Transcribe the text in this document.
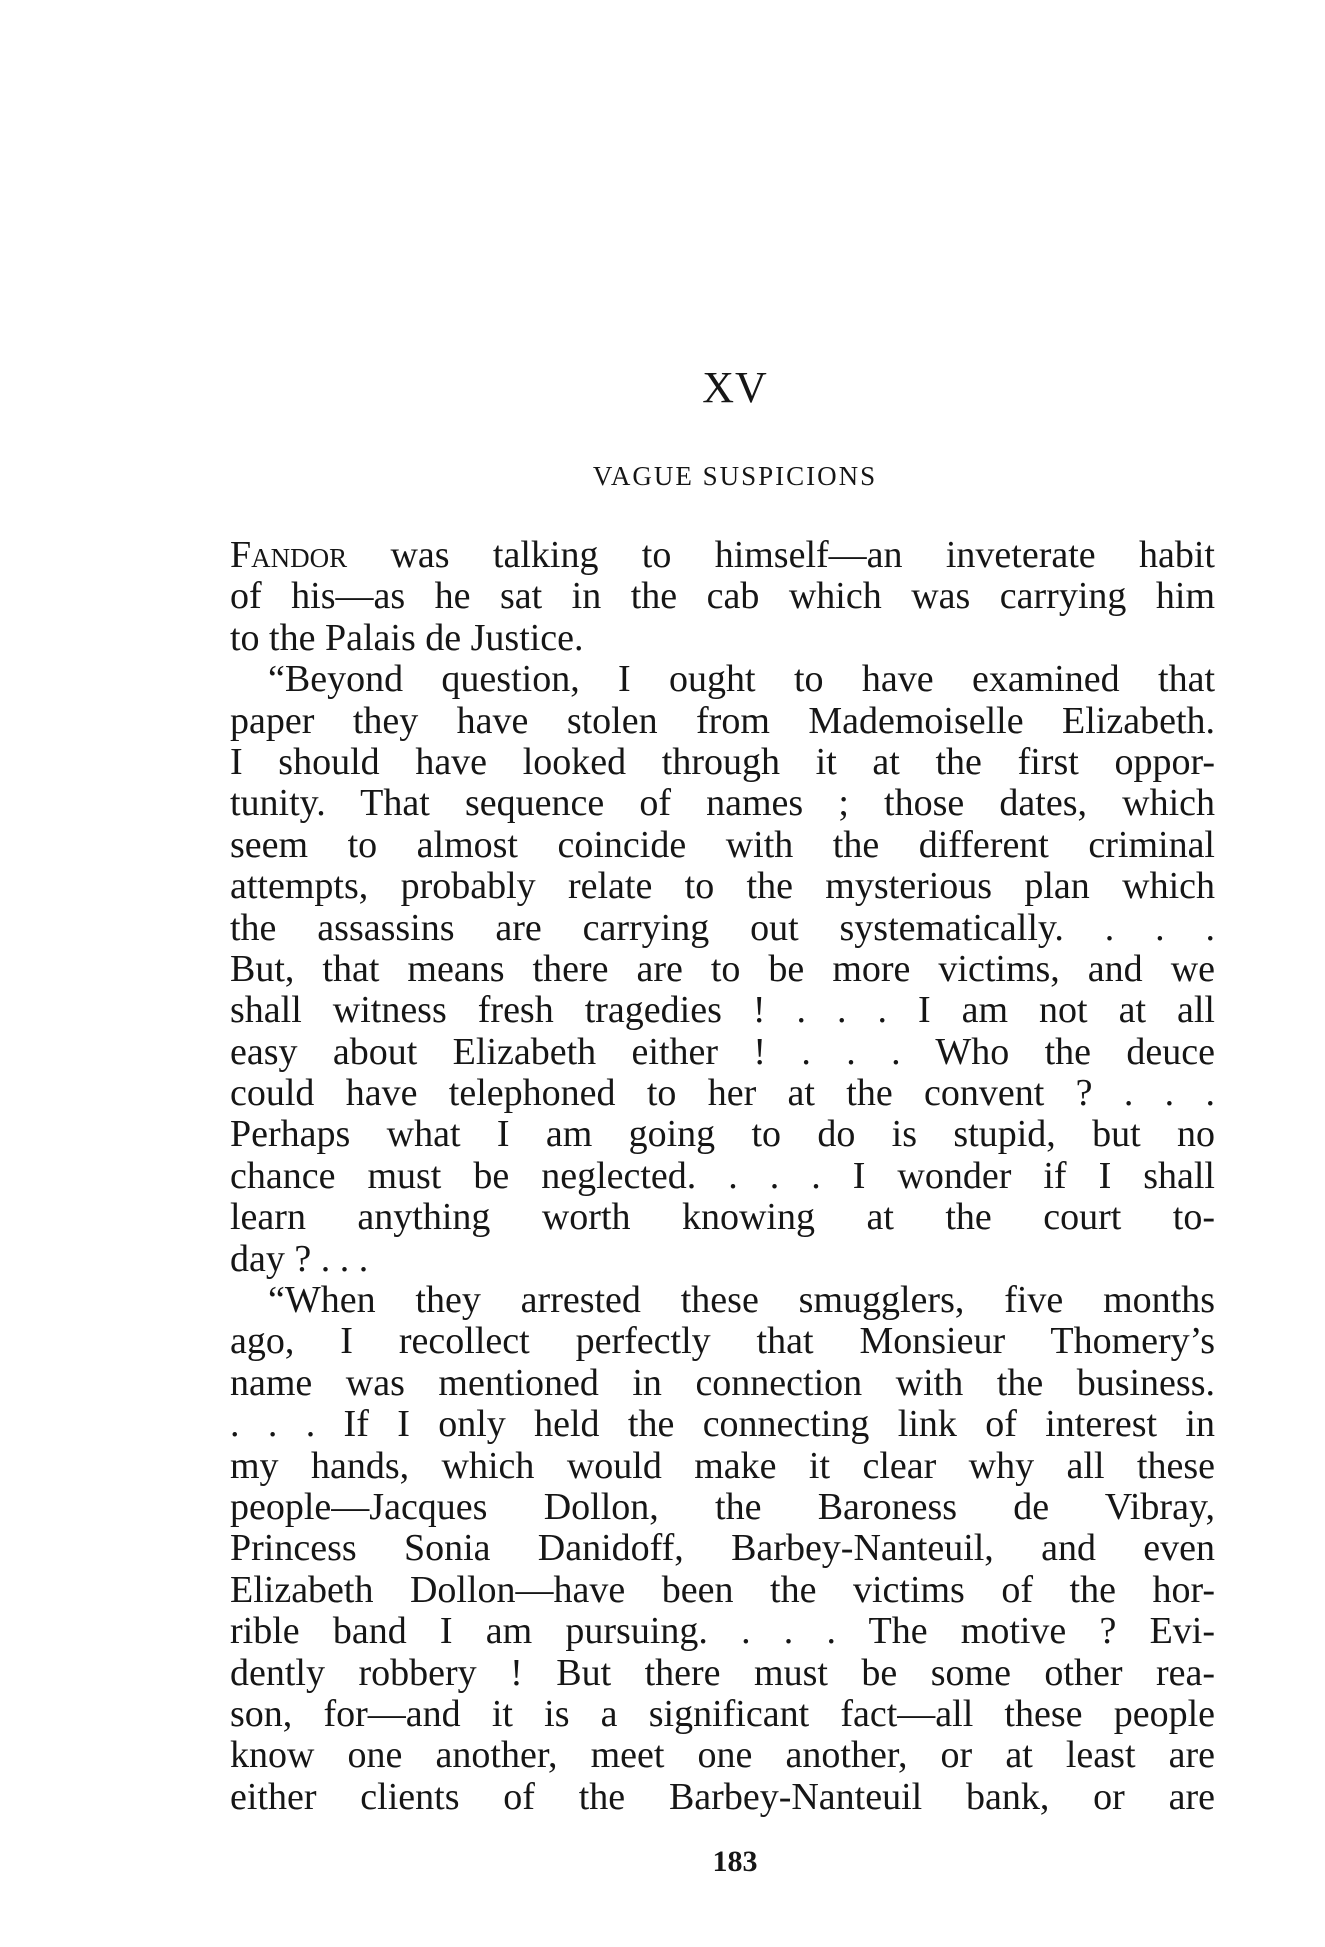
XV
VAGUE SUSPICIONS
Fandor was talking to himself—an inveterate habit
of his—as he sat in the cab which was carrying him
to the Palais de Justice.
“Beyond question, I ought to have examined that
paper they have stolen from Mademoiselle Elizabeth.
I should have looked through it at the first oppor-
tunity. That sequence of names ; those dates, which
seem to almost coincide with the different criminal
attempts, probably relate to the mysterious plan which
the assassins are carrying out systematically. . . .
But, that means there are to be more victims, and we
shall witness fresh tragedies ! . . . I am not at all
easy about Elizabeth either ! . . . Who the deuce
could have telephoned to her at the convent ? . . .
Perhaps what I am going to do is stupid, but no
chance must be neglected. . . . I wonder if I shall
learn anything worth knowing at the court to-
day ? . . .
“When they arrested these smugglers, five months
ago, I recollect perfectly that Monsieur Thomery’s
name was mentioned in connection with the business.
. . . If I only held the connecting link of interest in
my hands, which would make it clear why all these
people—Jacques Dollon, the Baroness de Vibray,
Princess Sonia Danidoff, Barbey-Nanteuil, and even
Elizabeth Dollon—have been the victims of the hor-
rible band I am pursuing. . . . The motive ? Evi-
dently robbery ! But there must be some other rea-
son, for—and it is a significant fact—all these people
know one another, meet one another, or at least are
either clients of the Barbey-Nanteuil bank, or are
183
